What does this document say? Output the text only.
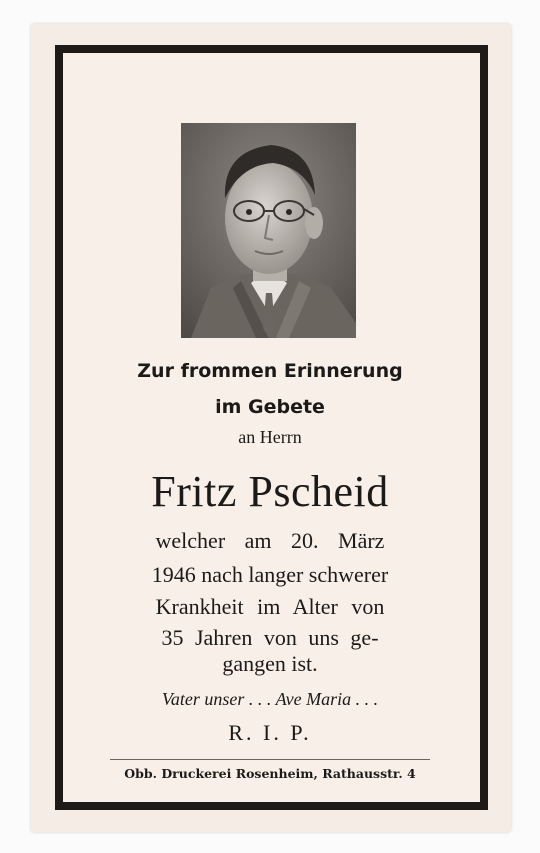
Zur frommen Erinnerung

im Gebete

an Herrn

Fritz Pscheid

welcher am 20. März

1946 nach langer schwerer

Krankheit im Alter von

35 Jahren von uns ge-

gangen ist.

Vater unser . . . Ave Maria . . .

R. I. P.

Obb. Druckerei Rosenheim, Rathausstr. 4
